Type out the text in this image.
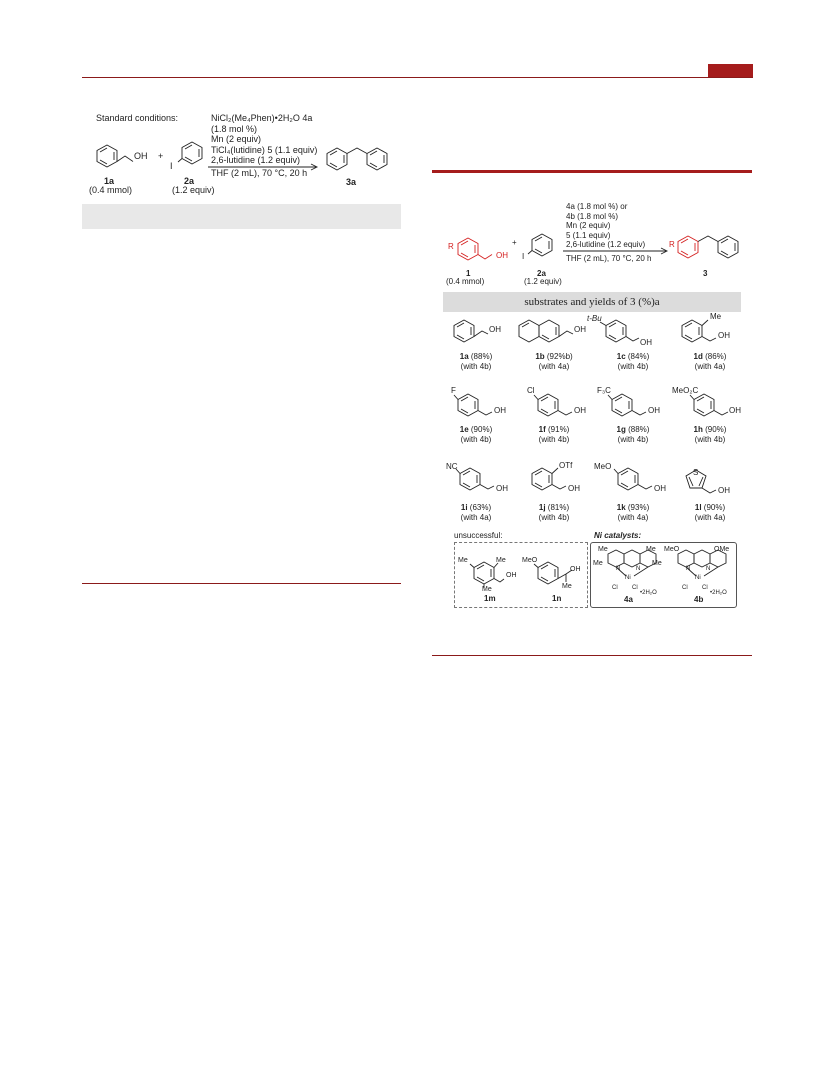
Standard conditions:	NiCl₂(Me₄Phen)•2H₂O 4a
(1.8 mol %)
Mn (2 equiv)
TiCl₄(lutidine) 5 (1.1 equiv)
2,6-lutidine (1.2 equiv)
THF (2 mL), 70 °C, 20 h
OH
1a
(0.4 mmol)
+
I
2a
(1.2 equiv)
3a
4a (1.8 mol %) or
4b (1.8 mol %)
Mn (2 equiv)
5 (1.1 equiv)
2,6-lutidine (1.2 equiv)
THF (2 mL), 70 °C, 20 h
R
OH
1
(0.4 mmol)
+
I
2a
(1.2 equiv)
R
3
substrates and yields of 3 (%)a
OH	OH
t-Bu
OH
Me
OH
1a (88%)
(with 4b)
1b (92%b)
(with 4a)
1c (84%)
(with 4b)
1d (86%)
(with 4a)
F
OH
Cl
OH
F₃C
OH
MeO₂C
OH
1e (90%)
(with 4b)
1f (91%)
(with 4b)
1g (88%)
(with 4b)
1h (90%)
(with 4b)
NC
OH
OTf
OH
MeO
OH
S
OH
1i (63%)
(with 4a)
1j (81%)
(with 4b)
1k (93%)
(with 4a)
1l (90%)
(with 4a)
unsuccessful:
Me	Me
Me
OH
1m
MeO
OH
Me
1n
Ni catalysts:
Me	Me
Me	Me
N	N
Ni
Cl Cl
•2H₂O
4a
MeO	OMe
N	N
Ni
Cl Cl
•2H₂O
4b
